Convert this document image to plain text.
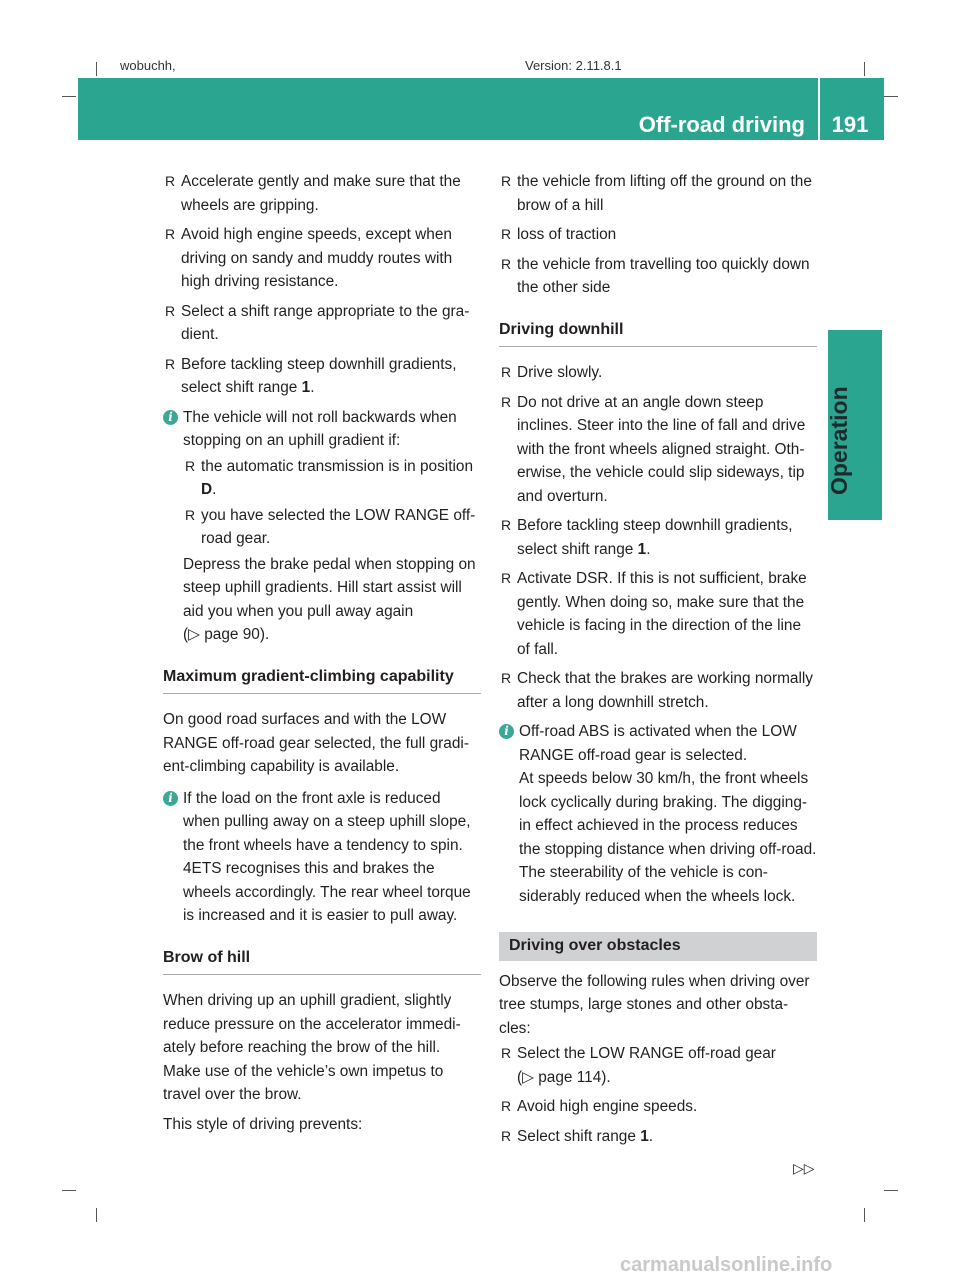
wobuchh,	Version: 2.11.8.1
Off-road driving	191
Operation

R Accelerate gently and make sure that the wheels are gripping.

R Avoid high engine speeds, except when driving on sandy and muddy routes with high driving resistance.

R Select a shift range appropriate to the gra-dient.

R Before tackling steep downhill gradients, select shift range 1.

i The vehicle will not roll backwards when stopping on an uphill gradient if:

R the automatic transmission is in position D.

R you have selected the LOW RANGE off-road gear.

Depress the brake pedal when stopping on steep uphill gradients. Hill start assist will aid you when you pull away again
(▷ page 90).

Maximum gradient-climbing capability

On good road surfaces and with the LOW RANGE off-road gear selected, the full gradi-ent-climbing capability is available.

i If the load on the front axle is reduced when pulling away on a steep uphill slope, the front wheels have a tendency to spin. 4ETS recognises this and brakes the wheels accordingly. The rear wheel torque is increased and it is easier to pull away.

Brow of hill

When driving up an uphill gradient, slightly reduce pressure on the accelerator immedi-ately before reaching the brow of the hill. Make use of the vehicle’s own impetus to travel over the brow.

This style of driving prevents:

R the vehicle from lifting off the ground on the brow of a hill

R loss of traction

R the vehicle from travelling too quickly down the other side

Driving downhill

R Drive slowly.

R Do not drive at an angle down steep inclines. Steer into the line of fall and drive with the front wheels aligned straight. Oth-erwise, the vehicle could slip sideways, tip and overturn.

R Before tackling steep downhill gradients, select shift range 1.

R Activate DSR. If this is not sufficient, brake gently. When doing so, make sure that the vehicle is facing in the direction of the line of fall.

R Check that the brakes are working normally after a long downhill stretch.

i Off-road ABS is activated when the LOW RANGE off-road gear is selected.

At speeds below 30 km/h, the front wheels lock cyclically during braking. The digging-in effect achieved in the process reduces the stopping distance when driving off-road. The steerability of the vehicle is con-siderably reduced when the wheels lock.

Driving over obstacles

Observe the following rules when driving over tree stumps, large stones and other obsta-cles:

R Select the LOW RANGE off-road gear
(▷ page 114).

R Avoid high engine speeds.

R Select shift range 1.

▷▷
carmanualsonline.info
